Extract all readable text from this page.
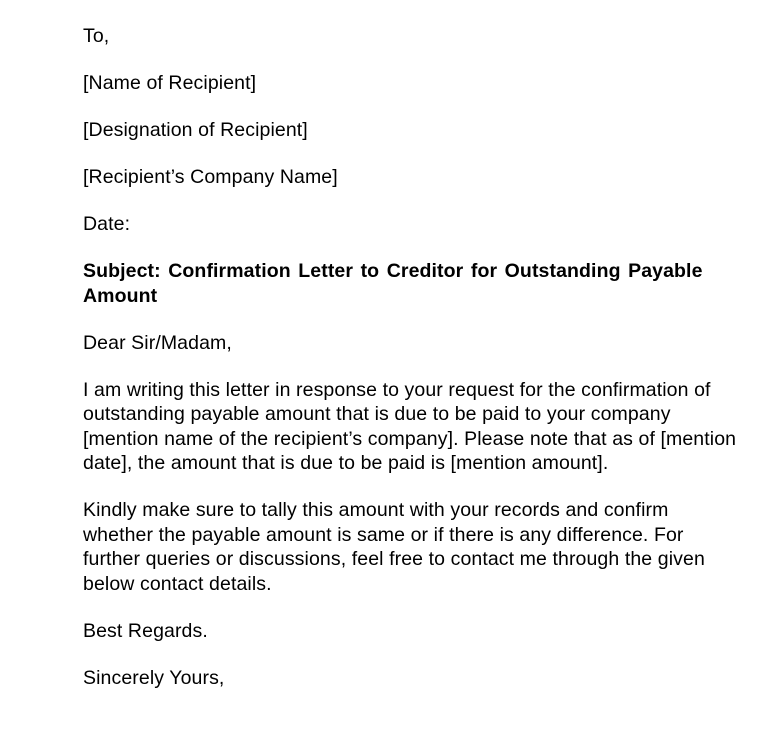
To,

[Name of Recipient]

[Designation of Recipient]

[Recipient’s Company Name]

Date:

Subject: Confirmation Letter to Creditor for Outstanding Payable Amount

Dear Sir/Madam,

I am writing this letter in response to your request for the confirmation of outstanding payable amount that is due to be paid to your company [mention name of the recipient’s company]. Please note that as of [mention date], the amount that is due to be paid is [mention amount].

Kindly make sure to tally this amount with your records and confirm whether the payable amount is same or if there is any difference. For further queries or discussions, feel free to contact me through the given below contact details.

Best Regards.

Sincerely Yours,
